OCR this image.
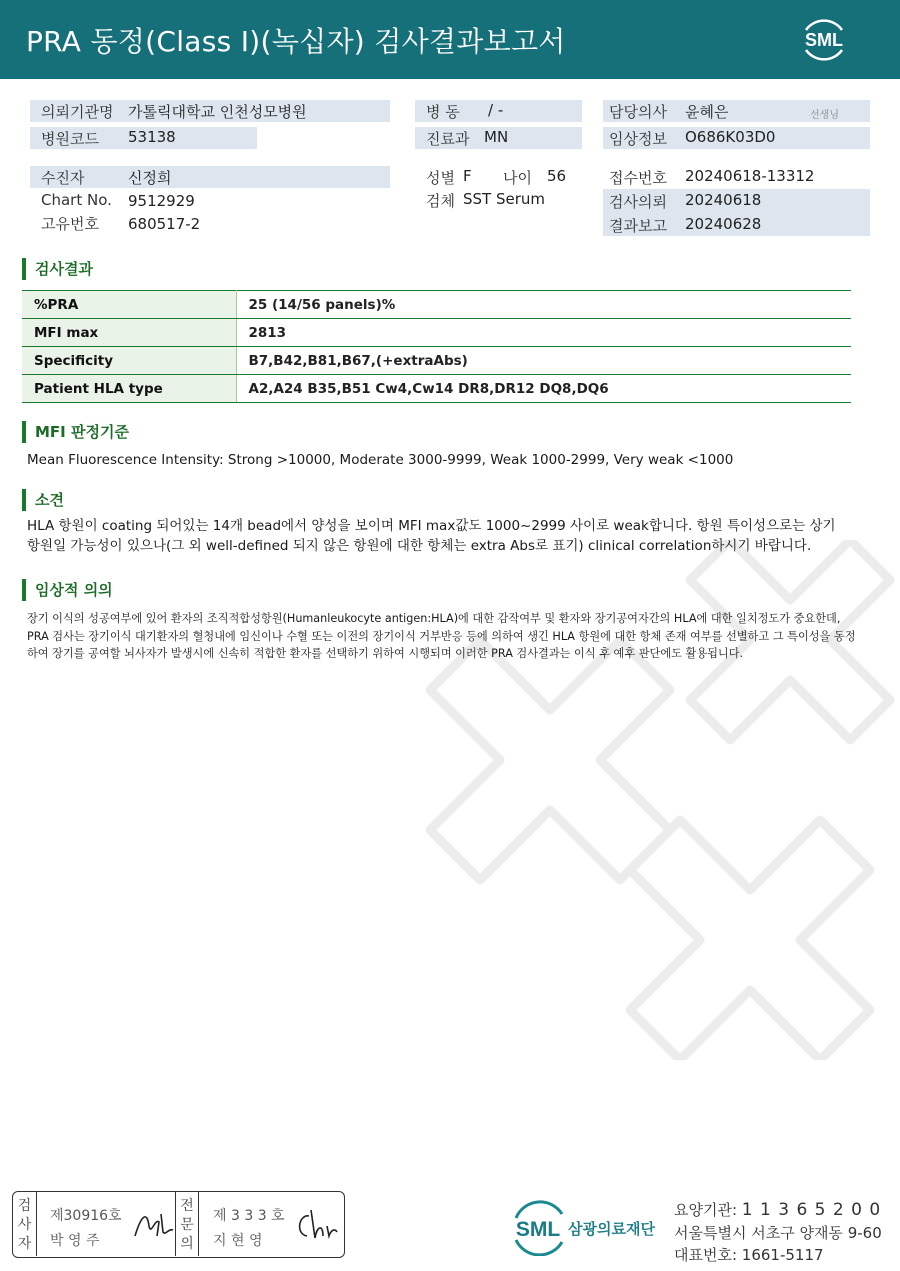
PRA 동정(Class I)(녹십자) 검사결과보고서	SML
의뢰기관명 가톨릭대학교 인천성모병원
병원코드 53138
병 동 / -
진료과 MN
담당의사 윤혜은	선생님
임상정보 O686K03D0
수진자	신정희
Chart No. 9512929
고유번호 680517-2
성별 F 나이 56
검체 SST Serum
접수번호 20240618-13312
검사의뢰 20240618
결과보고 20240628
검사결과
%PRA	25 (14/56 panels)%
MFI max	2813
Specificity	B7,B42,B81,B67,(+extraAbs)
Patient HLA type	A2,A24 B35,B51 Cw4,Cw14 DR8,DR12 DQ8,DQ6
MFI 판정기준
Mean Fluorescence Intensity: Strong >10000, Moderate 3000-9999, Weak 1000-2999, Very weak <1000
소견
HLA 항원이 coating 되어있는 14개 bead에서 양성을 보이며 MFI max값도 1000~2999 사이로 weak합니다. 항원 특이성으로는 상기
항원일 가능성이 있으나(그 외 well-defined 되지 않은 항원에 대한 항체는 extra Abs로 표기) clinical correlation하시기 바랍니다.
임상적 의의
장기 이식의 성공여부에 있어 환자의 조직적합성항원(Humanleukocyte antigen:HLA)에 대한 감작여부 및 환자와 장기공여자간의 HLA에 대한 일치정도가 중요한데, PRA 검사는 장기이식 대기환자의 혈청내에 임신이나 수혈 또는 이전의 장기이식 거부반응 등에 의하여 생긴 HLA 항원에 대한 항체 존재 여부를 선별하고 그 특이성을 동정하여 장기를 공여할 뇌사자가 발생시에 신속히 적합한 환자를 선택하기 위하여 시행되며 이러한 PRA 검사결과는 이식 후 예후 판단에도 활용됩니다.
검사자
제30916호
박 영 주
전문의
제 3 3 3 호
지 현 영	SML 삼광의료재단
요양기관: 1 1 3 6 5 2 0 0
서울특별시 서초구 양재동 9-60
대표번호: 1661-5117
